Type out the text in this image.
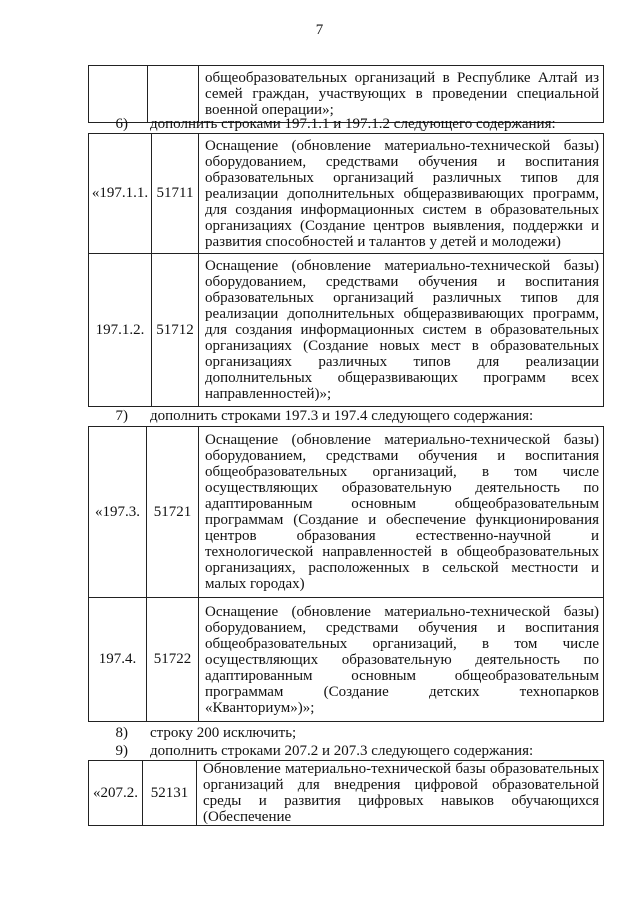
7
		общеобразовательных организаций в Республике Алтай из семей граждан, участвующих в проведении специальной военной операции»;
6) дополнить строками 197.1.1 и 197.1.2 следующего содержания:
«197.1.1.	51711	Оснащение (обновление материально-технической базы) оборудованием, средствами обучения и воспитания образовательных организаций различных типов для реализации дополнительных общеразвивающих программ, для создания информационных систем в образовательных организациях (Создание центров выявления, поддержки и развития способностей и талантов у детей и молодежи)
197.1.2.	51712	Оснащение (обновление материально-технической базы) оборудованием, средствами обучения и воспитания образовательных организаций различных типов для реализации дополнительных общеразвивающих программ, для создания информационных систем в образовательных организациях (Создание новых мест в образовательных организациях различных типов для реализации дополнительных общеразвивающих программ всех направленностей)»;
7) дополнить строками 197.3 и 197.4 следующего содержания:
«197.3.	51721	Оснащение (обновление материально-технической базы) оборудованием, средствами обучения и воспитания общеобразовательных организаций, в том числе осуществляющих образовательную деятельность по адаптированным основным общеобразовательным программам (Создание и обеспечение функционирования центров образования естественно-научной и технологической направленностей в общеобразовательных организациях, расположенных в сельской местности и малых городах)
197.4.	51722	Оснащение (обновление материально-технической базы) оборудованием, средствами обучения и воспитания общеобразовательных организаций, в том числе осуществляющих образовательную деятельность по адаптированным основным общеобразовательным программам (Создание детских технопарков «Кванториум»)»;
8) строку 200 исключить;
9) дополнить строками 207.2 и 207.3 следующего содержания:
«207.2.	52131	Обновление материально-технической базы образовательных организаций для внедрения цифровой образовательной среды и развития цифровых навыков обучающихся (Обеспечение
